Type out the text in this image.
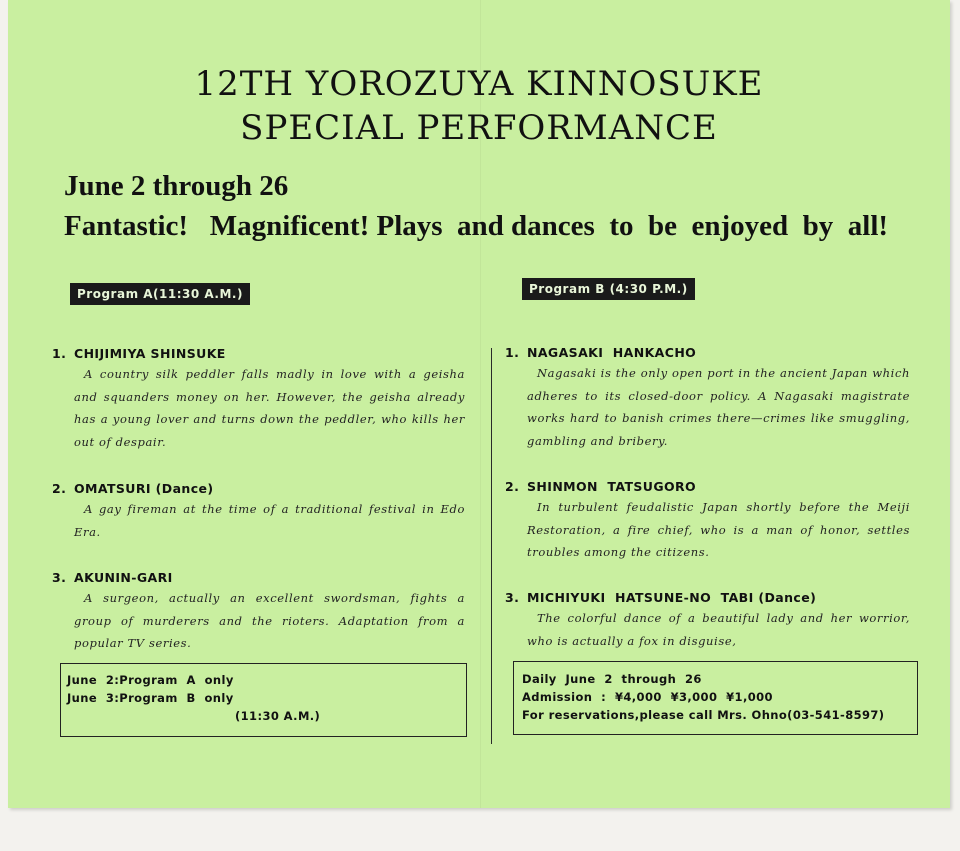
12TH YOROZUYA KINNOSUKE
SPECIAL PERFORMANCE
June 2 through 26
Fantastic!   Magnificent! Plays  and dances  to  be  enjoyed  by  all!
Program A(11:30 A.M.)	Program B (4:30 P.M.)
1. CHIJIMIYA SHINSUKE
A country silk peddler falls madly in love with a geisha and squanders money on her. However, the geisha already has a young lover and turns down the peddler, who kills her out of despair.
2. OMATSURI (Dance)
A gay fireman at the time of a traditional festival in Edo Era.
3. AKUNIN-GARI
A surgeon, actually an excellent swordsman, fights a group of murderers and the rioters. Adaptation from a popular TV series.
June  2:Program  A  only
June  3:Program  B  only
(11:30 A.M.)
1. NAGASAKI  HANKACHO
Nagasaki is the only open port in the ancient Japan which adheres to its closed-door policy. A Nagasaki magistrate works hard to banish crimes there—crimes like smuggling, gambling and bribery.
2. SHINMON  TATSUGORO
In turbulent feudalistic Japan shortly before the Meiji Restoration, a fire chief, who is a man of honor, settles troubles among the citizens.
3. MICHIYUKI  HATSUNE-NO  TABI (Dance)
The colorful dance of a beautiful lady and her worrior, who is actually a fox in disguise,
Daily  June  2  through  26
Admission  :  ¥4,000  ¥3,000  ¥1,000
For reservations,please call Mrs. Ohno(03-541-8597)
